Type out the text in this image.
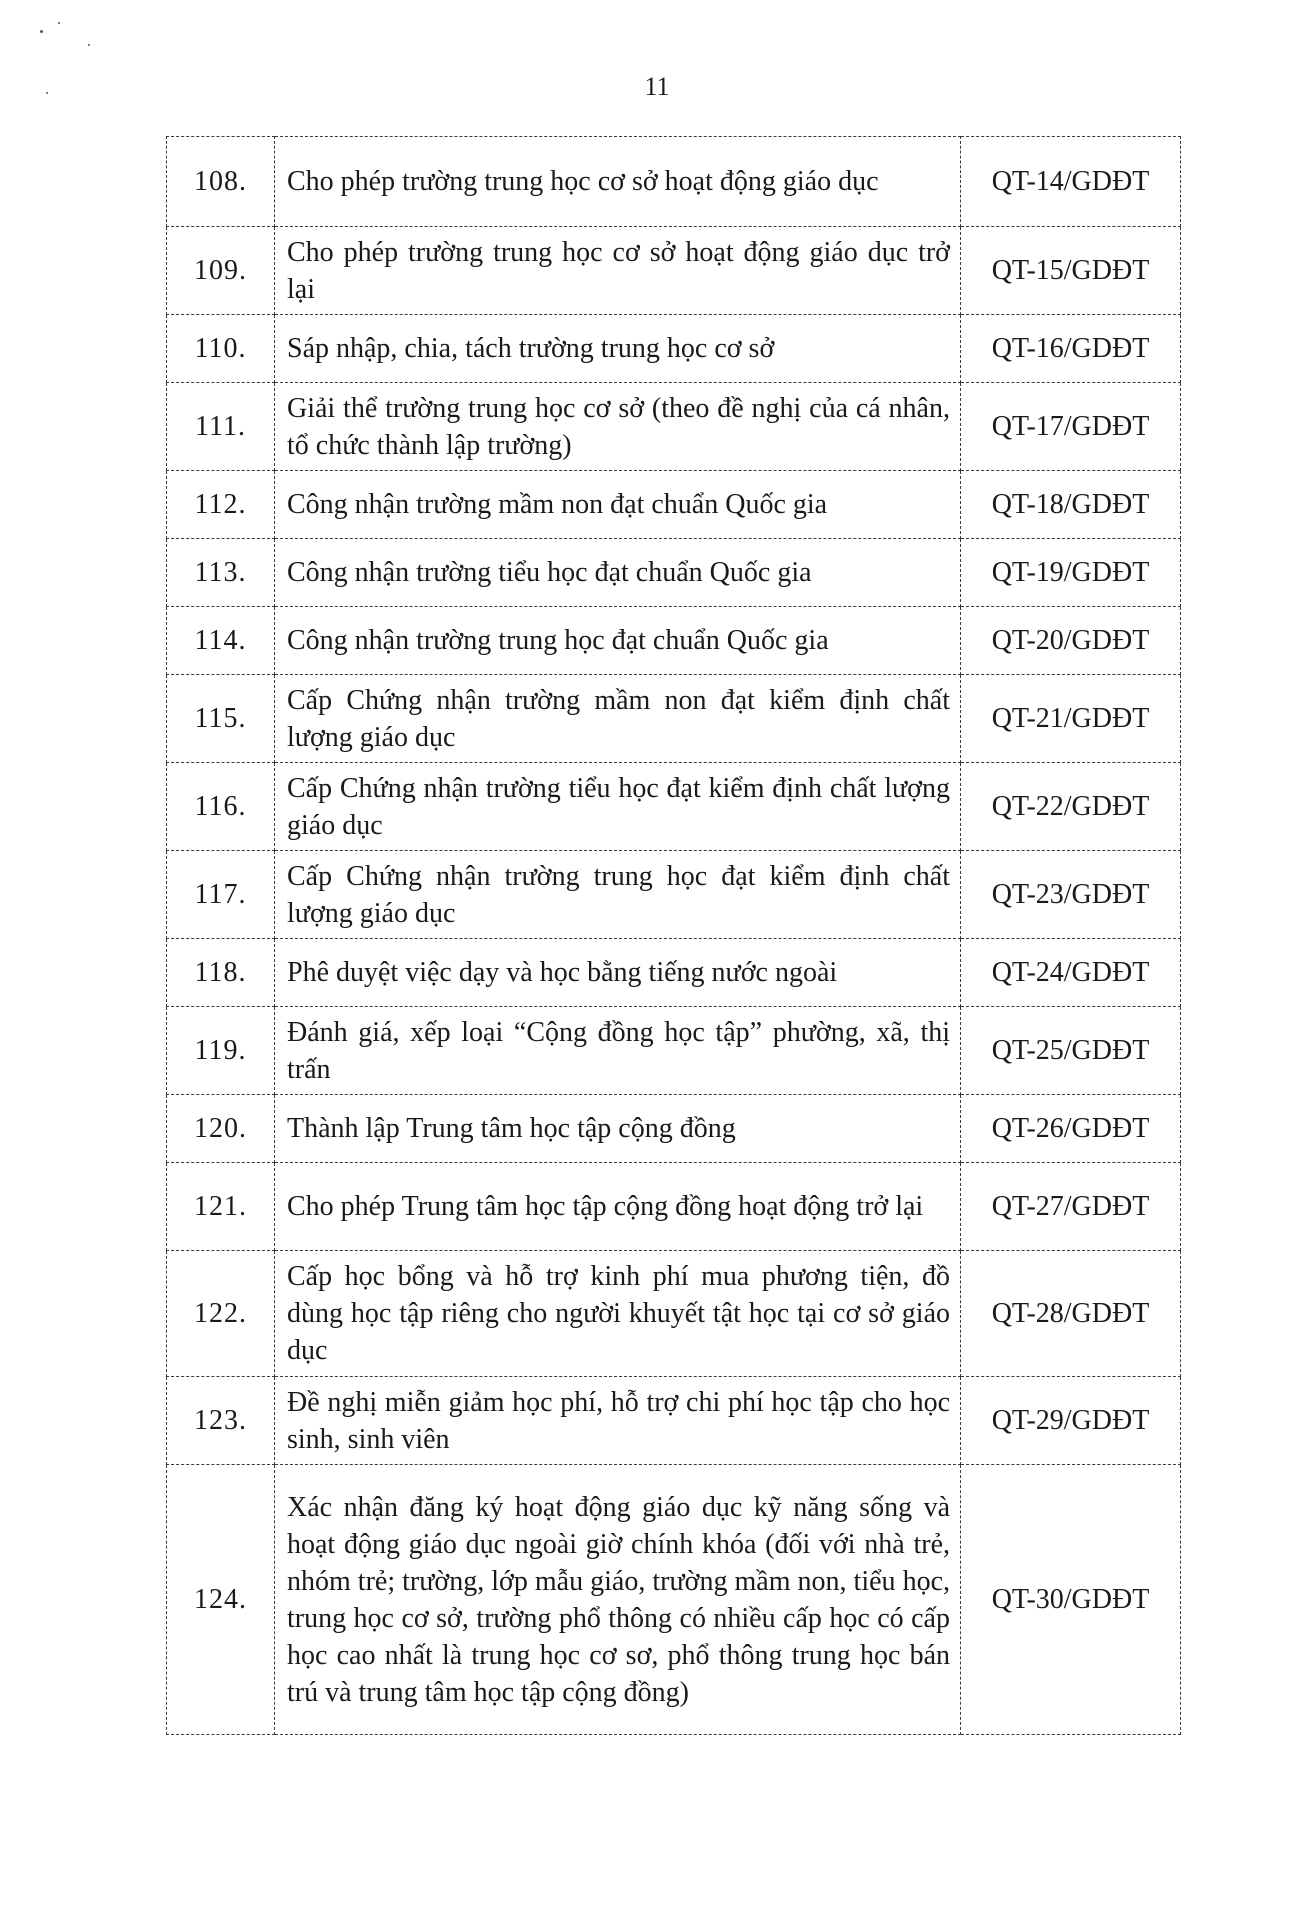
11
108.	Cho phép trường trung học cơ sở hoạt động giáo dục	QT-14/GDĐT
109.	Cho phép trường trung học cơ sở hoạt động giáo dục trở lại	QT-15/GDĐT
110.	Sáp nhập, chia, tách trường trung học cơ sở	QT-16/GDĐT
111.	Giải thể trường trung học cơ sở (theo đề nghị của cá nhân, tổ chức thành lập trường)	QT-17/GDĐT
112.	Công nhận trường mầm non đạt chuẩn Quốc gia	QT-18/GDĐT
113.	Công nhận trường tiểu học đạt chuẩn Quốc gia	QT-19/GDĐT
114.	Công nhận trường trung học đạt chuẩn Quốc gia	QT-20/GDĐT
115.	Cấp Chứng nhận trường mầm non đạt kiểm định chất lượng giáo dục	QT-21/GDĐT
116.	Cấp Chứng nhận trường tiểu học đạt kiểm định chất lượng giáo dục	QT-22/GDĐT
117.	Cấp Chứng nhận trường trung học đạt kiểm định chất lượng giáo dục	QT-23/GDĐT
118.	Phê duyệt việc dạy và học bằng tiếng nước ngoài	QT-24/GDĐT
119.	Đánh giá, xếp loại “Cộng đồng học tập” phường, xã, thị trấn	QT-25/GDĐT
120.	Thành lập Trung tâm học tập cộng đồng	QT-26/GDĐT
121.	Cho phép Trung tâm học tập cộng đồng hoạt động trở lại	QT-27/GDĐT
122.	Cấp học bổng và hỗ trợ kinh phí mua phương tiện, đồ dùng học tập riêng cho người khuyết tật học tại cơ sở giáo dục	QT-28/GDĐT
123.	Đề nghị miễn giảm học phí, hỗ trợ chi phí học tập cho học sinh, sinh viên	QT-29/GDĐT
124.	Xác nhận đăng ký hoạt động giáo dục kỹ năng sống và hoạt động giáo dục ngoài giờ chính khóa (đối với nhà trẻ, nhóm trẻ; trường, lớp mẫu giáo, trường mầm non, tiểu học, trung học cơ sở, trường phổ thông có nhiều cấp học có cấp học cao nhất là trung học cơ sơ, phổ thông trung học bán trú và trung tâm học tập cộng đồng)	QT-30/GDĐT
